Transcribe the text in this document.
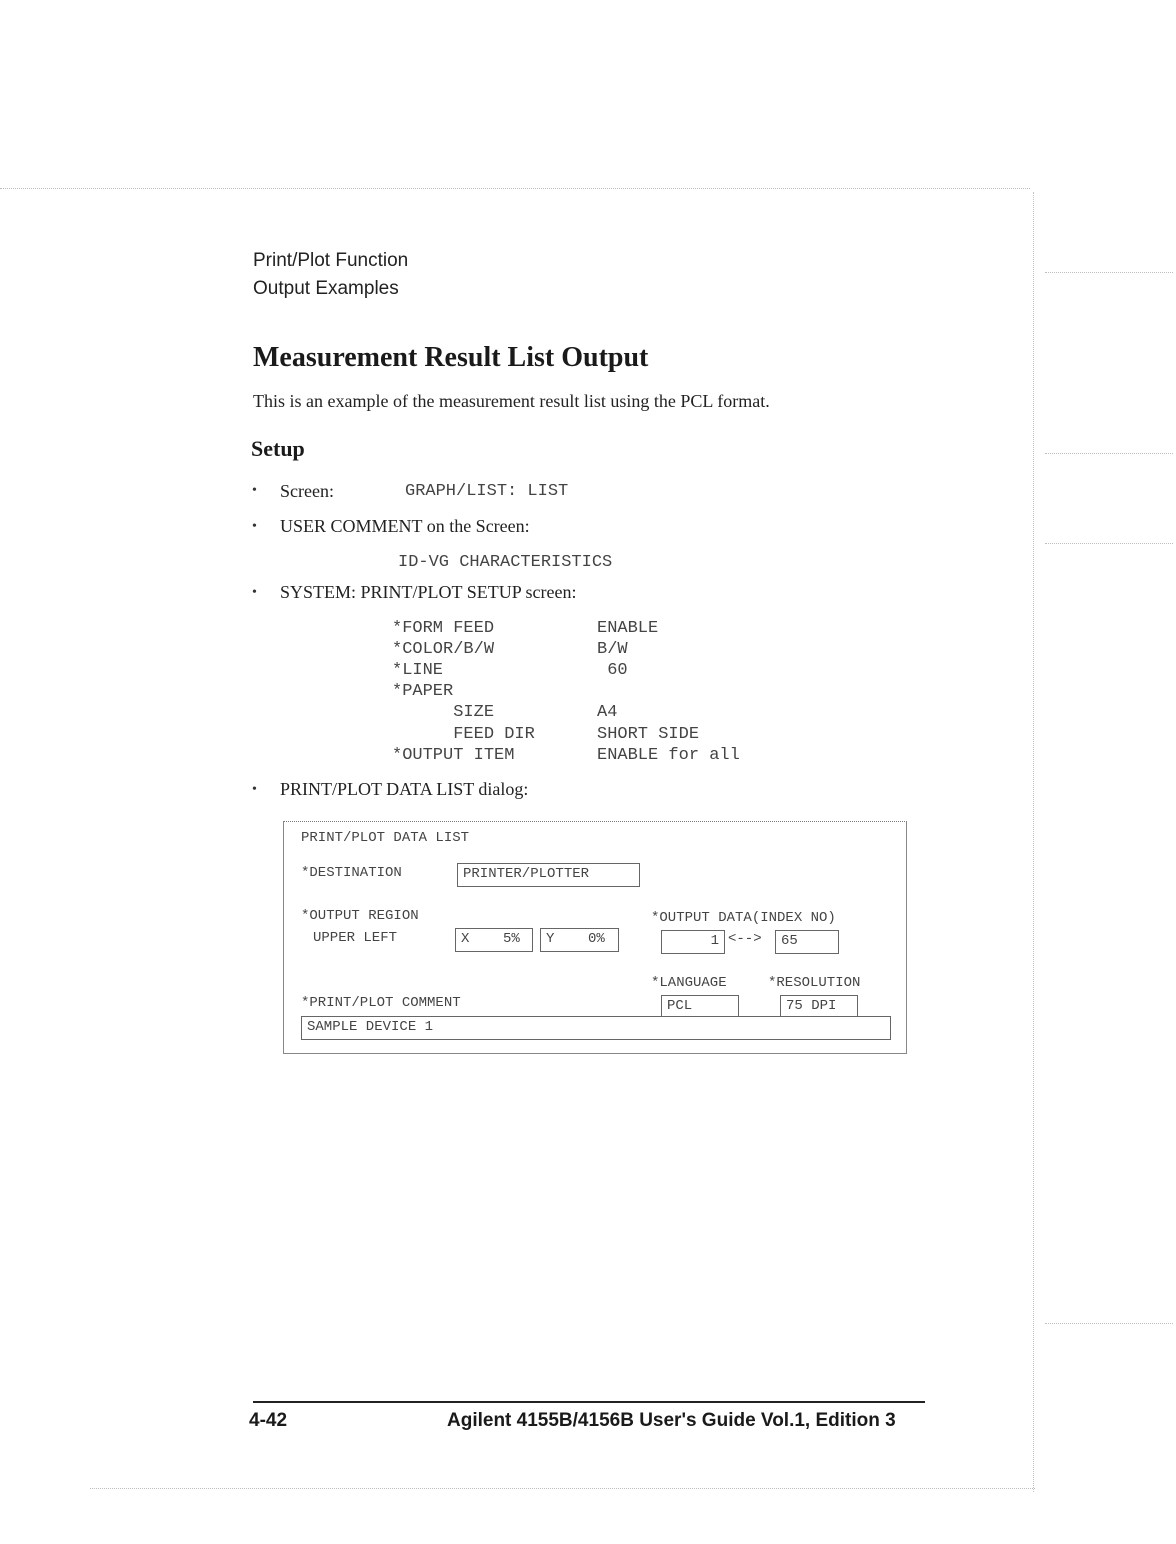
Print/Plot Function
Output Examples
Measurement Result List Output
This is an example of the measurement result list using the PCL format.
Setup
• Screen:	GRAPH/LIST: LIST
• USER COMMENT on the Screen:
ID-VG CHARACTERISTICS
• SYSTEM: PRINT/PLOT SETUP screen:
*FORM FEED	ENABLE
*COLOR/B/W	B/W
*LINE	60
*PAPER
SIZE	A4
FEED DIR	SHORT SIDE
*OUTPUT ITEM	ENABLE for all
• PRINT/PLOT DATA LIST dialog:
PRINT/PLOT DATA LIST
*DESTINATION	PRINTER/PLOTTER
*OUTPUT REGION
UPPER LEFT	X    5%	Y    0%
*OUTPUT DATA(INDEX NO)
1 <-->	65
*LANGUAGE	*RESOLUTION
PCL	75 DPI
*PRINT/PLOT COMMENT
SAMPLE DEVICE 1
4-42	Agilent 4155B/4156B User's Guide Vol.1, Edition 3
